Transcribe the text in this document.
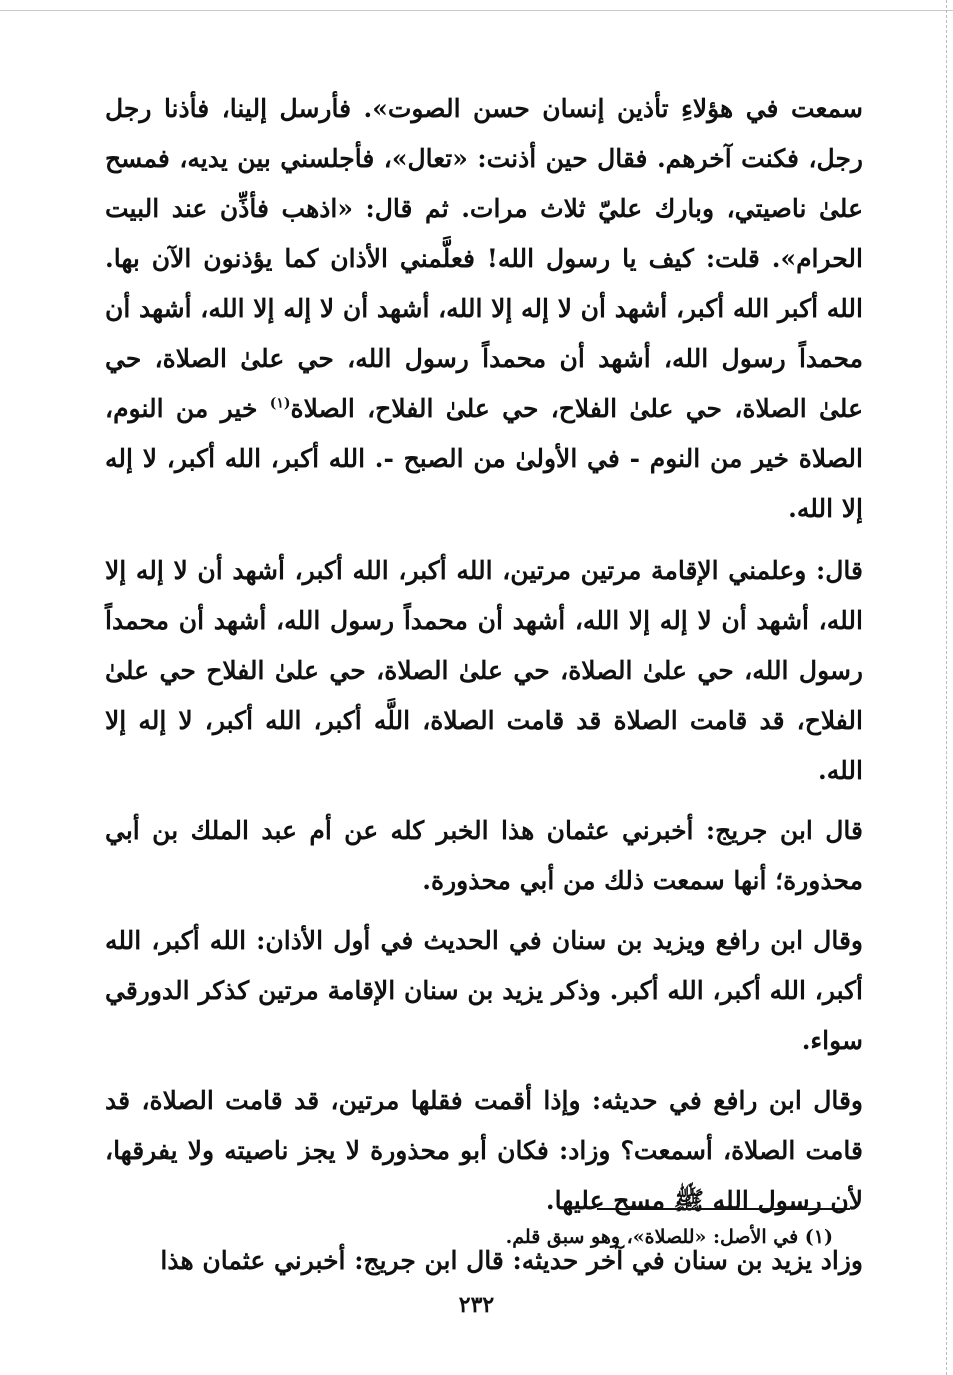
سمعت في هؤلاءِ تأذين إنسان حسن الصوت». فأرسل إلينا، فأذنا رجل رجل، فكنت آخرهم. فقال حين أذنت: «تعال»، فأجلسني بين يديه، فمسح علىٰ ناصيتي، وبارك عليّ ثلاث مرات. ثم قال: «اذهب فأذِّن عند البيت الحرام». قلت: كيف يا رسول الله! فعلَّمني الأذان كما يؤذنون الآن بها. الله أكبر الله أكبر، أشهد أن لا إله إلا الله، أشهد أن لا إله إلا الله، أشهد أن محمداً رسول الله، أشهد أن محمداً رسول الله، حي علىٰ الصلاة، حي علىٰ الصلاة، حي علىٰ الفلاح، حي علىٰ الفلاح، الصلاة$^{(١)}$ خير من النوم، الصلاة خير من النوم - في الأولىٰ من الصبح -. الله أكبر، الله أكبر، لا إله إلا الله.

قال: وعلمني الإقامة مرتين مرتين، الله أكبر، الله أكبر، أشهد أن لا إله إلا الله، أشهد أن لا إله إلا الله، أشهد أن محمداً رسول الله، أشهد أن محمداً رسول الله، حي علىٰ الصلاة، حي علىٰ الصلاة، حي علىٰ الفلاح حي علىٰ الفلاح، قد قامت الصلاة قد قامت الصلاة، اللَّه أكبر، الله أكبر، لا إله إلا الله.

قال ابن جريج: أخبرني عثمان هذا الخبر كله عن أم عبد الملك بن أبي محذورة؛ أنها سمعت ذلك من أبي محذورة.

وقال ابن رافع ويزيد بن سنان في الحديث في أول الأذان: الله أكبر، الله أكبر، الله أكبر، الله أكبر. وذكر يزيد بن سنان الإقامة مرتين كذكر الدورقي سواء.

وقال ابن رافع في حديثه: وإذا أقمت فقلها مرتين، قد قامت الصلاة، قد قامت الصلاة، أسمعت؟ وزاد: فكان أبو محذورة لا يجز ناصيته ولا يفرقها، لأن رسول الله ﷺ مسح عليها.

وزاد يزيد بن سنان في آخر حديثه: قال ابن جريج: أخبرني عثمان هذا

(١) في الأصل: «للصلاة»، وهو سبق قلم.
٢٣٢
